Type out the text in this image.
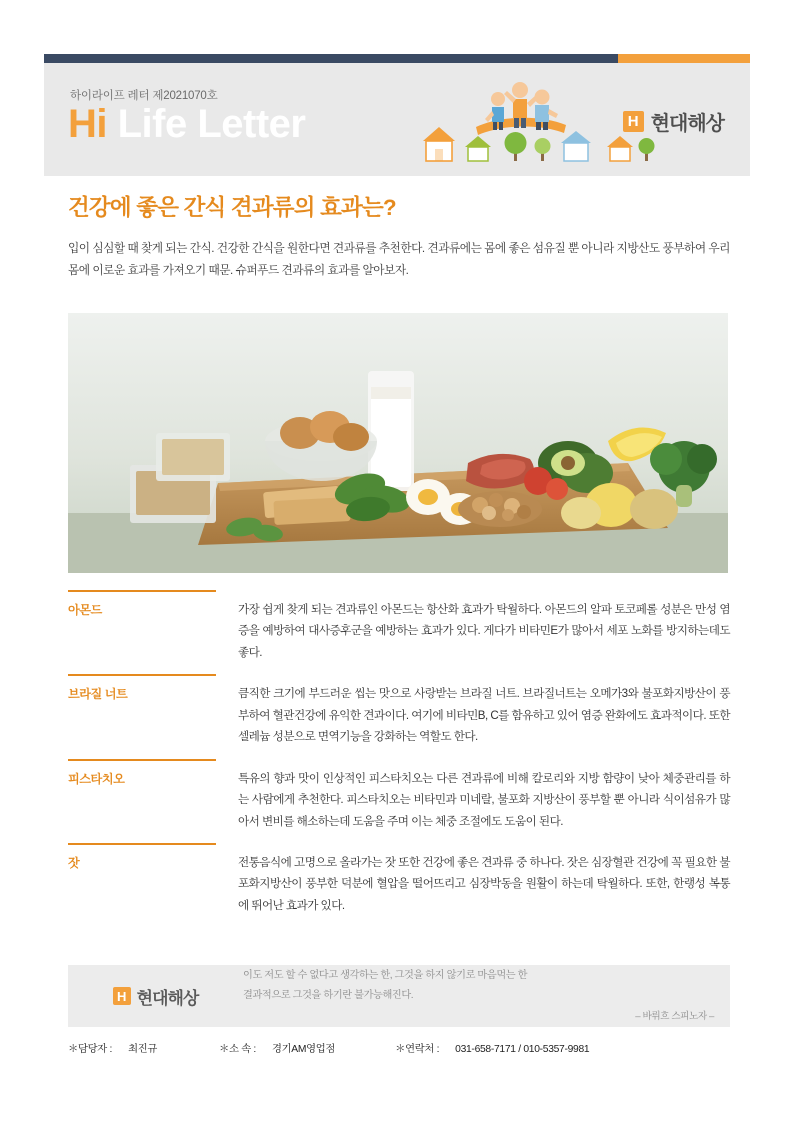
하이라이프 레터 제2021070호
Hi Life Letter	H 현대해상
건강에 좋은 간식 견과류의 효과는?
입이 심심할 때 찾게 되는 간식. 건강한 간식을 원한다면 견과류를 추천한다. 견과류에는 몸에 좋은 섬유질 뿐 아니라 지방산도 풍부하여 우리 몸에 이로운 효과를 가져오기 때문. 슈퍼푸드 견과류의 효과를 알아보자.
아몬드	가장 쉽게 찾게 되는 견과류인 아몬드는 항산화 효과가 탁월하다. 아몬드의 알파 토코페롤 성분은 만성 염증을 예방하여 대사증후군을 예방하는 효과가 있다. 게다가 비타민E가 많아서 세포 노화를 방지하는데도 좋다.
브라질 너트	큼직한 크기에 부드러운 씹는 맛으로 사랑받는 브라질 너트. 브라질너트는 오메가3와 불포화지방산이 풍부하여 혈관건강에 유익한 견과이다. 여기에 비타민B, C를 함유하고 있어 염증 완화에도 효과적이다. 또한 셀레늄 성분으로 면역기능을 강화하는 역할도 한다.
피스타치오	특유의 향과 맛이 인상적인 피스타치오는 다른 견과류에 비해 칼로리와 지방 함량이 낮아 체중관리를 하는 사람에게 추천한다. 피스타치오는 비타민과 미네랄, 불포화 지방산이 풍부할 뿐 아니라 식이섬유가 많아서 변비를 해소하는데 도움을 주며 이는 체중 조절에도 도움이 된다.
잣	전통음식에 고명으로 올라가는 잣 또한 건강에 좋은 견과류 중 하나다. 잣은 심장혈관 건강에 꼭 필요한 불포화지방산이 풍부한 덕분에 혈압을 떨어뜨리고 심장박동을 원활이 하는데 탁월하다. 또한, 한랭성 복통에 뛰어난 효과가 있다.
H 현대해상
이도 저도 할 수 없다고 생각하는 한, 그것을 하지 않기로 마음먹는 한
결과적으로 그것을 하기란 불가능해진다.
– 바뤼흐 스피노자 –
＊담당자 : 최진규	＊소 속 : 경기AM영업점	＊연락처 : 031-658-7171 / 010-5357-9981
